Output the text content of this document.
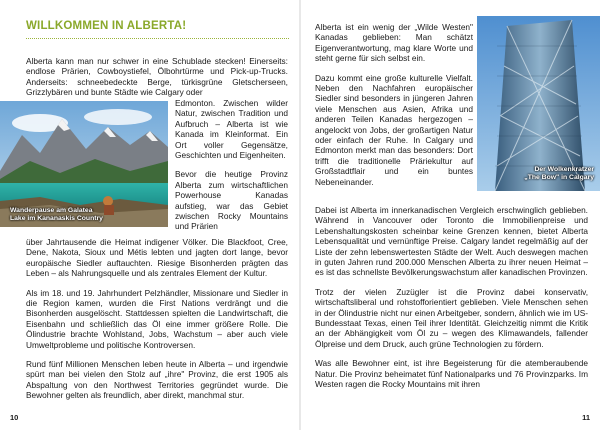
WILLKOMMEN IN ALBERTA!
Alberta kann man nur schwer in eine Schublade stecken! Einerseits: endlose Prärien, Cowboystiefel, Ölbohrtürme und Pick-up-Trucks. Anderseits: schneebedeckte Berge, türkisgrüne Gletscherseen, Grizzlybären und bunte Städte wie Calgary oder
Wanderpause am Galatea
Lake im Kananaskis Country

Edmonton. Zwischen wilder Natur, zwischen Tradition und Aufbruch – Alberta ist wie Kanada im Kleinformat. Ein Ort voller Gegensätze, Geschichten und Eigenheiten.

Bevor die heutige Provinz Alberta zum wirtschaftlichen Powerhouse Kanadas aufstieg, war das Gebiet zwischen Rocky Mountains und Prärien

über Jahrtausende die Heimat indigener Völker. Die Blackfoot, Cree, Dene, Nakota, Sioux und Métis lebten und jagten dort lange, bevor europäische Siedler auftauchten. Riesige Bisonherden prägten das Leben – als Nahrungsquelle und als zentrales Element der Kultur.

Als im 18. und 19. Jahrhundert Pelzhändler, Missionare und Siedler in die Region kamen, wurden die First Nations verdrängt und die Bisonherden ausgelöscht. Stattdessen spielten die Landwirtschaft, die Eisenbahn und schließlich das Öl eine immer größere Rolle. Die Ölindustrie brachte Wohlstand, Jobs, Wachstum – aber auch viele Umweltprobleme und politische Kontroversen.

Rund fünf Millionen Menschen leben heute in Alberta – und irgendwie spürt man bei vielen den Stolz auf „ihre" Provinz, die erst 1905 als Abspaltung von den Northwest Territories gegründet wurde. Die Bewohner gelten als freundlich, aber direkt, manchmal stur.

10

Alberta ist ein wenig der „Wilde Westen" Kanadas geblieben: Man schätzt Eigenverantwortung, mag klare Worte und steht gerne für sich selbst ein.

Dazu kommt eine große kulturelle Vielfalt. Neben den Nachfahren europäischer Siedler sind besonders in jüngeren Jahren viele Menschen aus Asien, Afrika und anderen Teilen Kanadas hergezogen – angelockt von Jobs, der großartigen Natur oder einfach der Ruhe. In Calgary und Edmonton merkt man das besonders: Dort trifft die traditionelle Präriekultur auf Großstadtflair und ein buntes Nebeneinander.

Der Wolkenkratzer
„The Bow" in Calgary

Dabei ist Alberta im innerkanadischen Vergleich erschwinglich geblieben. Während in Vancouver oder Toronto die Immobilienpreise und Lebenshaltungskosten scheinbar keine Grenzen kennen, bietet Alberta Lebensqualität und vernünftige Preise. Calgary landet regelmäßig auf der Liste der zehn lebenswertesten Städte der Welt. Auch deswegen machen in guten Jahren rund 200.000 Menschen Alberta zu ihrer neuen Heimat – es ist das schnellste Bevölkerungswachstum aller kanadischen Provinzen.

Trotz der vielen Zuzügler ist die Provinz dabei konservativ, wirtschaftsliberal und rohstofforientiert geblieben. Viele Menschen sehen in der Ölindustrie nicht nur einen Arbeitgeber, sondern, ähnlich wie im US-Bundesstaat Texas, einen Teil ihrer Identität. Gleichzeitig nimmt die Kritik an der Abhängigkeit vom Öl zu – wegen des Klimawandels, fallender Ölpreise und dem Druck, auch grüne Technologien zu fördern.

Was alle Bewohner eint, ist ihre Begeisterung für die atemberaubende Natur. Die Provinz beheimatet fünf Nationalparks und 76 Provinzparks. Im Westen ragen die Rocky Mountains mit ihren

11
